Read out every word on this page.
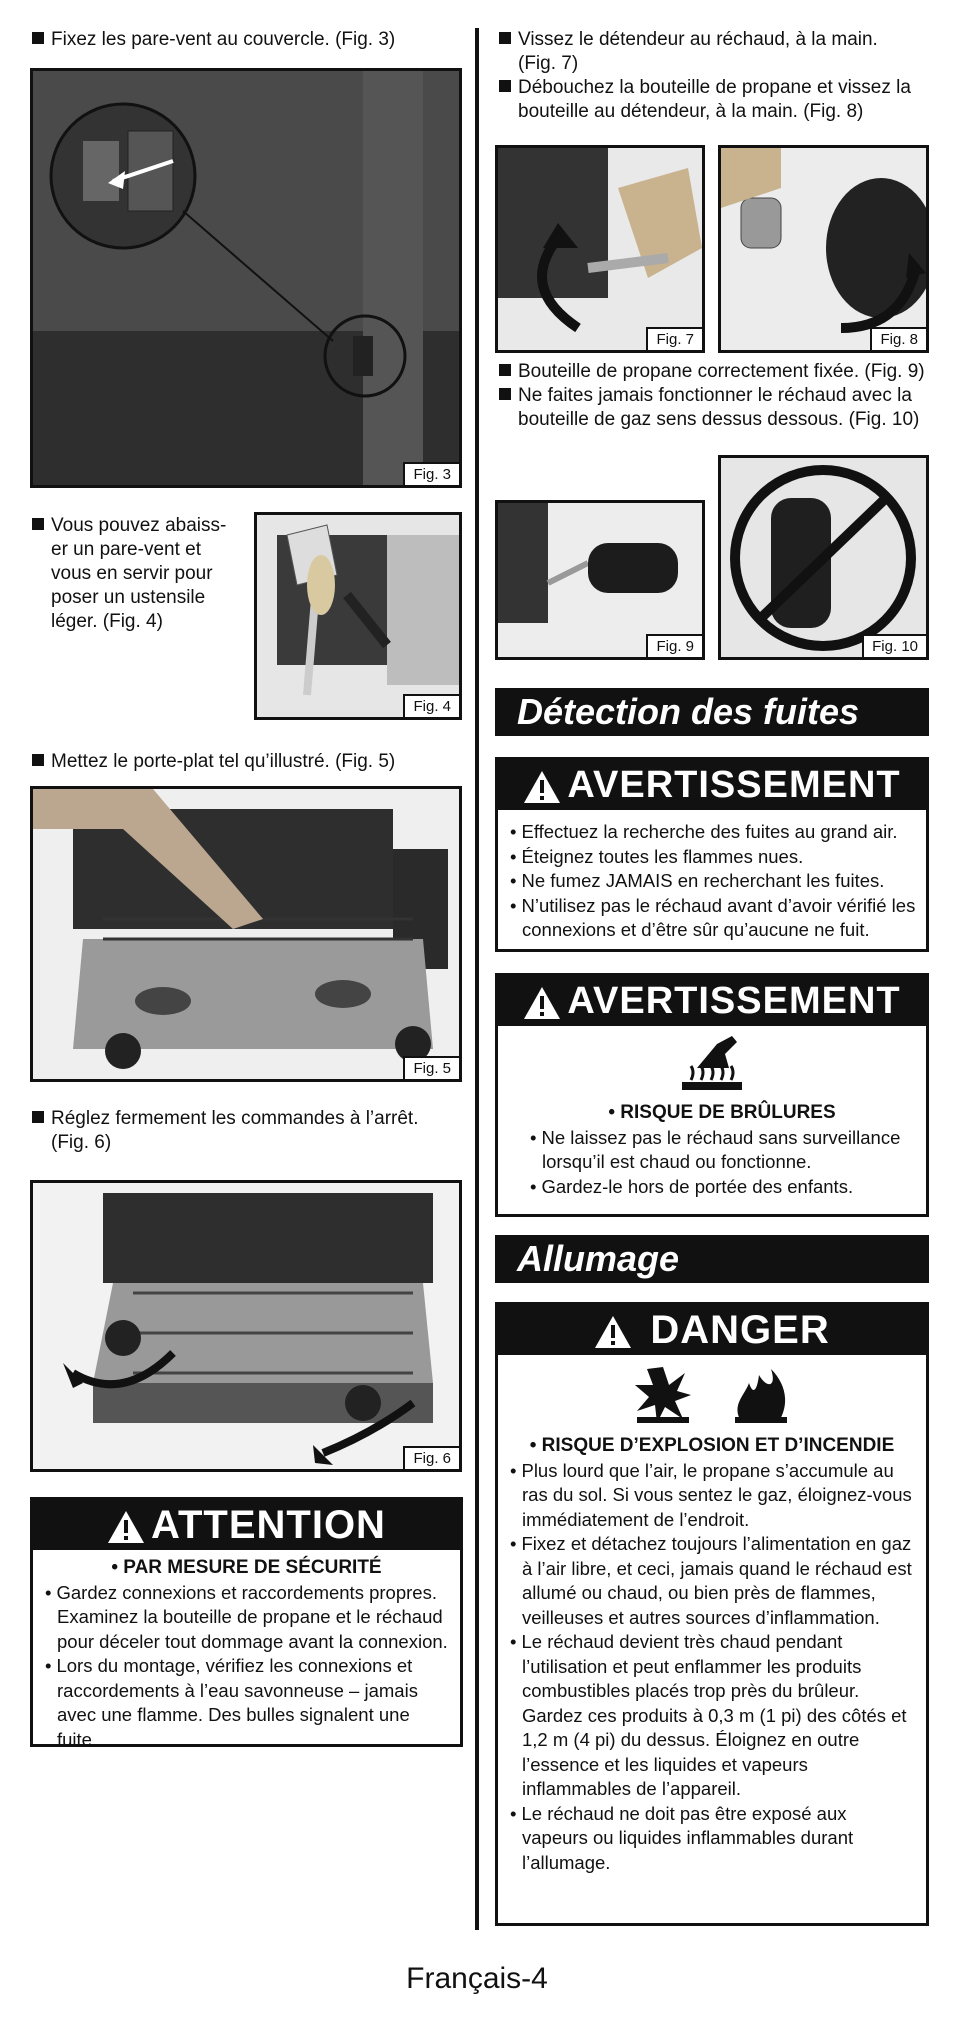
Fixez les pare-vent au couvercle. (Fig. 3)
Fig. 3
Vous pouvez abaiss-
er un pare-vent et
vous en servir pour
poser un ustensile
léger. (Fig. 4)
Fig. 4
Mettez le porte-plat tel qu’illustré. (Fig. 5)
Fig. 5
Réglez fermement les commandes à l’arrêt.
(Fig. 6)
Fig. 6
ATTENTION
• PAR MESURE DE SÉCURITÉ
• Gardez connexions et raccordements propres. Examinez la bouteille de propane et le réchaud pour déceler tout dommage avant la connexion.
• Lors du montage, vérifiez les connexions et raccordements à l’eau savonneuse – jamais avec une flamme. Des bulles signalent une fuite.
Vissez le détendeur au réchaud, à la main.
(Fig. 7)
Débouchez la bouteille de propane et vissez la
bouteille au détendeur, à la main. (Fig. 8)
Fig. 7	Fig. 8
Bouteille de propane correctement fixée. (Fig. 9)
Ne faites jamais fonctionner le réchaud avec la
bouteille de gaz sens dessus dessous. (Fig. 10)
Fig. 9	Fig. 10
Détection des fuites
AVERTISSEMENT
• Effectuez la recherche des fuites au grand air.
• Éteignez toutes les flammes nues.
• Ne fumez JAMAIS en recherchant les fuites.
• N’utilisez pas le réchaud avant d’avoir vérifié les connexions et d’être sûr qu’aucune ne fuit.
AVERTISSEMENT
• RISQUE DE BRÛLURES
• Ne laissez pas le réchaud sans surveillance lorsqu’il est chaud ou fonctionne.
• Gardez-le hors de portée des enfants.
Allumage
DANGER

• RISQUE D’EXPLOSION ET D’INCENDIE
• Plus lourd que l’air, le propane s’accumule au ras du sol. Si vous sentez le gaz, éloignez-vous immédiatement de l’endroit.
• Fixez et détachez toujours l’alimentation en gaz à l’air libre, et ceci, jamais quand le réchaud est allumé ou chaud, ou bien près de flammes, veilleuses et autres sources d’inflammation.
• Le réchaud devient très chaud pendant l’utilisation et peut enflammer les produits combustibles placés trop près du brûleur. Gardez ces produits à 0,3 m (1 pi) des côtés et 1,2 m (4 pi) du dessus. Éloignez en outre l’essence et les liquides et vapeurs inflammables de l’appareil.
• Le réchaud ne doit pas être exposé aux vapeurs ou liquides inflammables durant l’allumage.
Français-4
